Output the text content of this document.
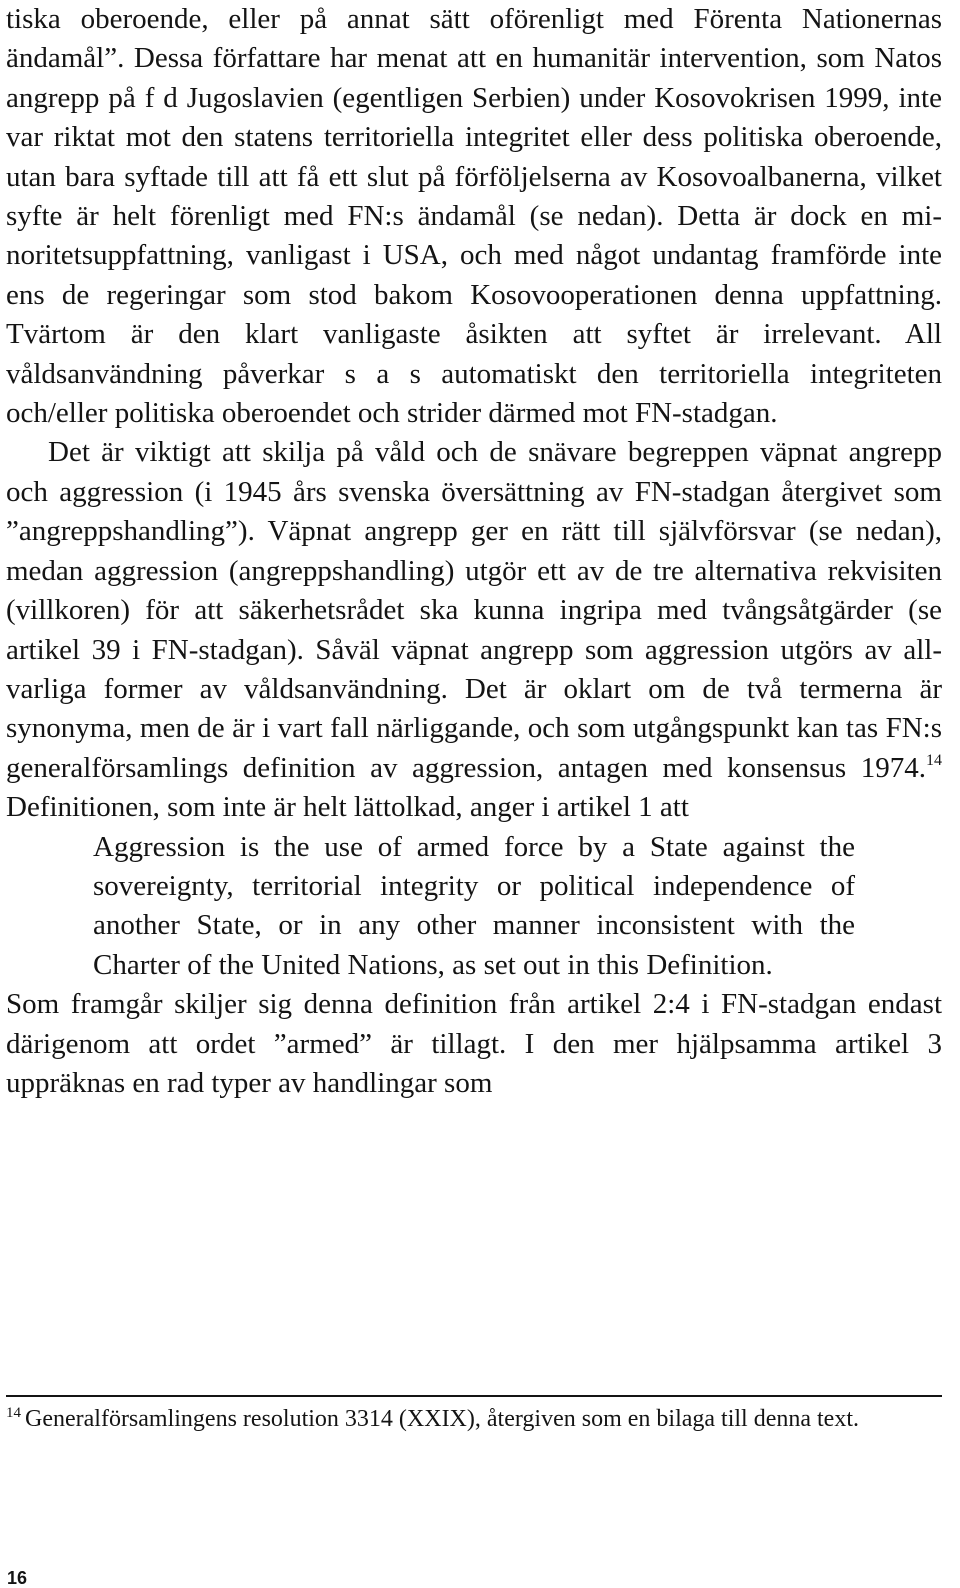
tiska oberoende, eller på annat sätt oförenligt med Förenta Nationernas ändamål”. Dessa författare har menat att en humanitär intervention, som Natos angrepp på f d Jugoslavien (egentligen Serbien) under Kosovokrisen 1999, inte var riktat mot den statens territoriella integritet eller dess politiska oberoende, utan bara syftade till att få ett slut på förföljelserna av Kosovoalbanerna, vilket syfte är helt förenligt med FN:s ändamål (se nedan). Detta är dock en minoritetsuppfattning, vanligast i USA, och med något undantag framförde inte ens de regeringar som stod bakom Kosovooperationen denna uppfattning. Tvärtom är den klart vanligaste åsikten att syftet är irrelevant. All våldsanvändning påverkar s a s automatiskt den territoriella integriteten och/eller politiska oberoendet och strider därmed mot FN-stadgan.

Det är viktigt att skilja på våld och de snävare begreppen väpnat angrepp och aggression (i 1945 års svenska översättning av FN-stadgan återgivet som ”angreppshandling”). Väpnat angrepp ger en rätt till självförsvar (se nedan), medan aggression (angreppshandling) utgör ett av de tre alternativa rekvisiten (villkoren) för att säkerhetsrådet ska kunna ingripa med tvångsåtgärder (se artikel 39 i FN-stadgan). Såväl väpnat angrepp som aggression utgörs av allvarliga former av våldsanvändning. Det är oklart om de två termerna är synonyma, men de är i vart fall närliggande, och som utgångspunkt kan tas FN:s generalförsamlings definition av aggression, antagen med konsensus 1974.14 Definitionen, som inte är helt lättolkad, anger i artikel 1 att

Aggression is the use of armed force by a State against the sovereignty, territorial integrity or political independence of another State, or in any other manner inconsistent with the Charter of the United Nations, as set out in this Definition.

Som framgår skiljer sig denna definition från artikel 2:4 i FN-stadgan endast därigenom att ordet ”armed” är tillagt. I den mer hjälpsamma artikel 3 uppräknas en rad typer av handlingar som

$^{14}$ Generalförsamlingens resolution 3314 (XXIX), återgiven som en bilaga till denna text.

16
